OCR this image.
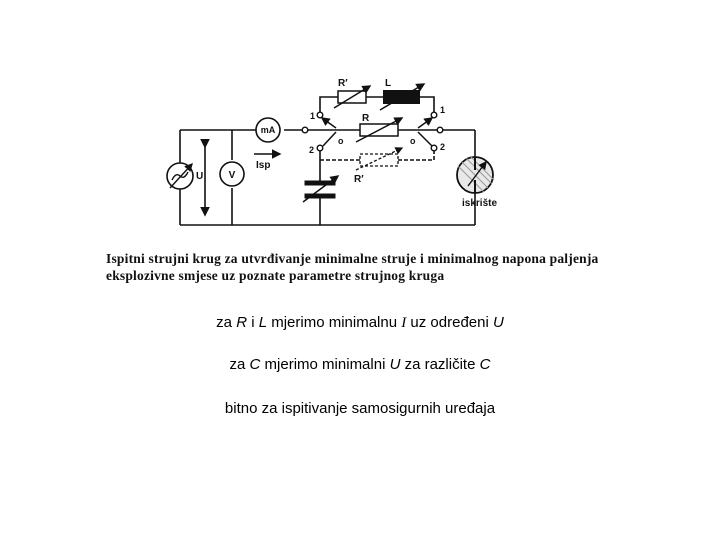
mA
V
U
R′	L
R
R′
Isp
iskrište
1
1
2	2
o	o
Ispitni strujni krug za utvrđivanje minimalne struje i minimalnog napona paljenja eksplozivne smjese uz poznate parametre strujnog kruga
za R i L mjerimo minimalnu I uz određeni U
za C mjerimo minimalni U za različite C
bitno za ispitivanje samosigurnih uređaja
